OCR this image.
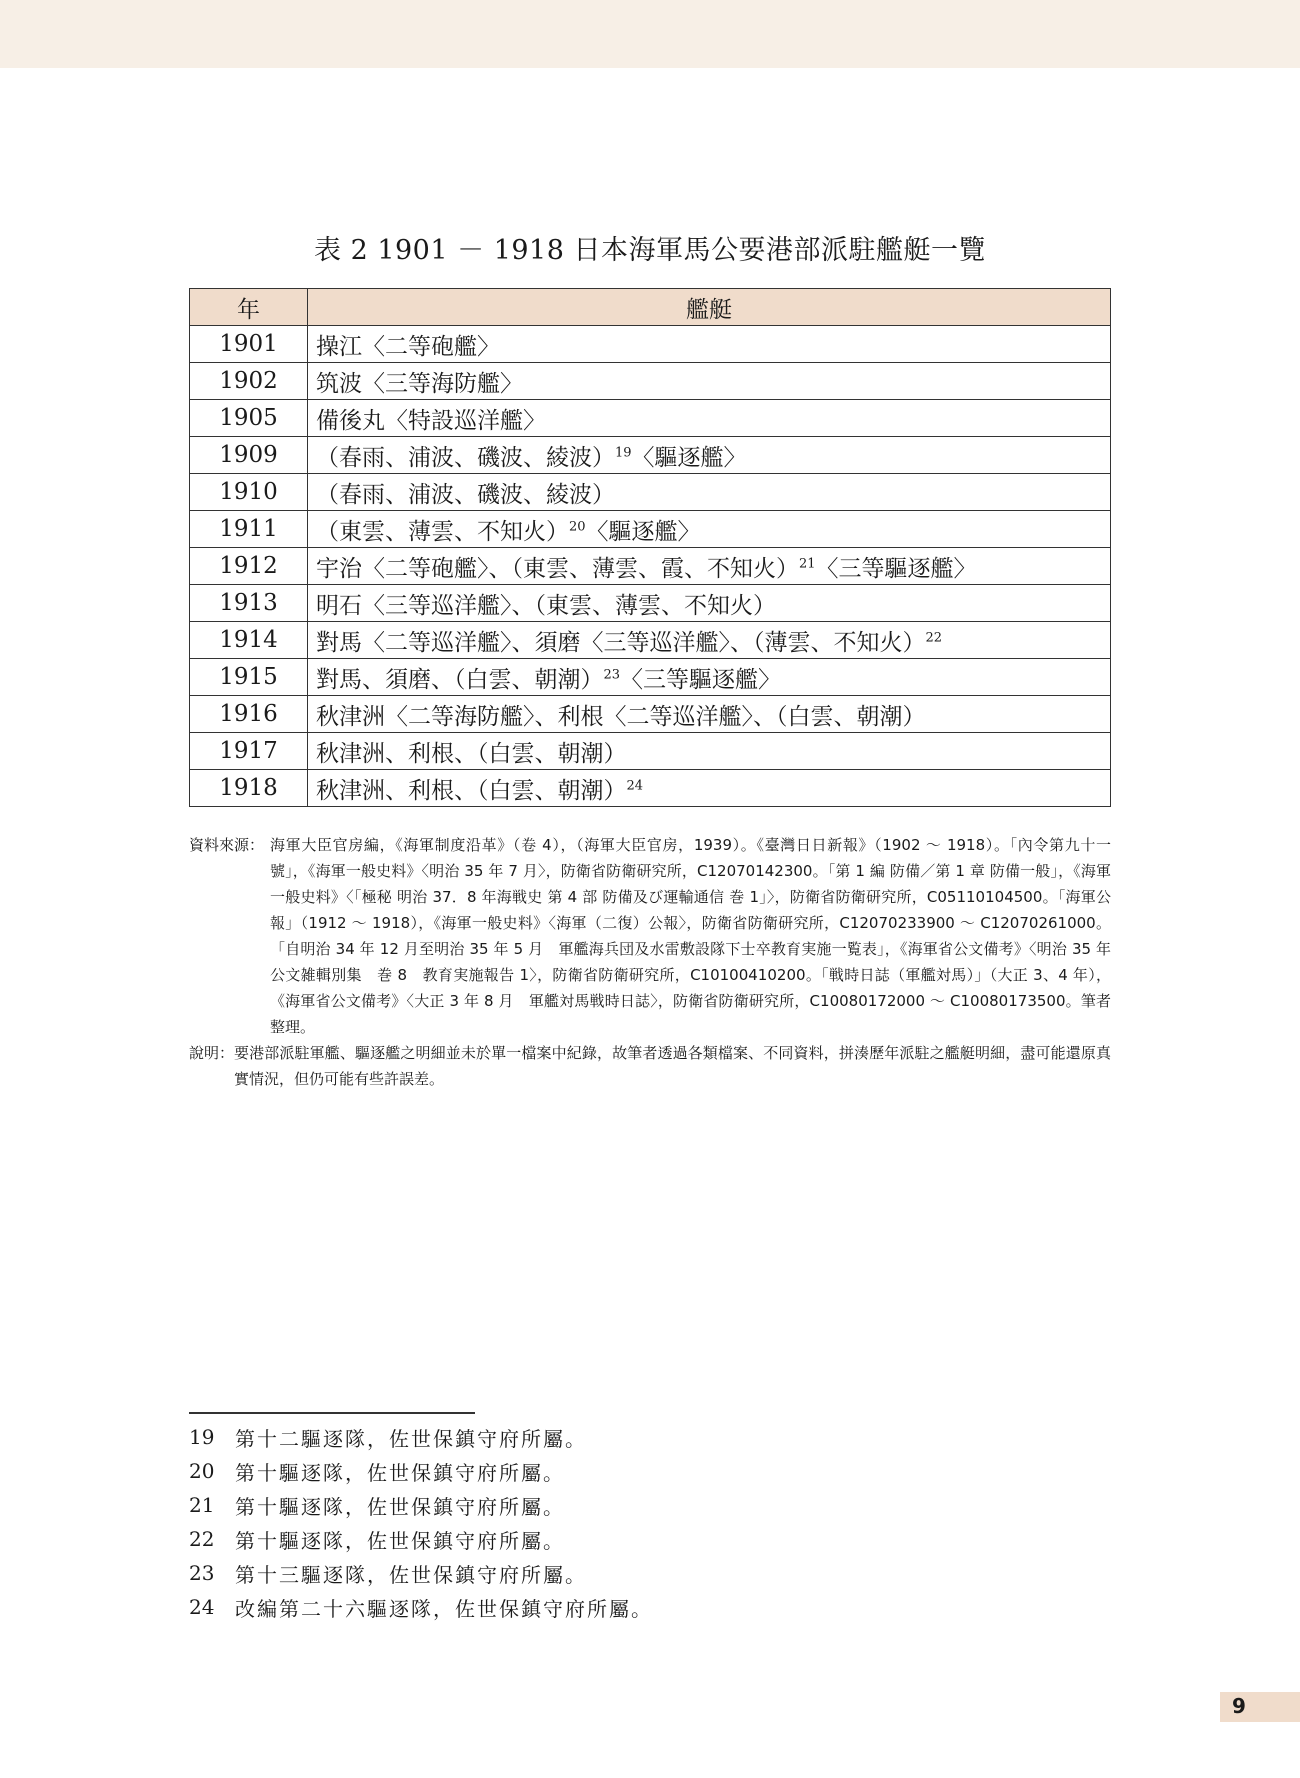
表 2 1901 － 1918 日本海軍馬公要港部派駐艦艇一覽
年	艦艇
1901	操江〈二等砲艦〉
1902	筑波〈三等海防艦〉
1905	備後丸〈特設巡洋艦〉
1909	（春雨、浦波、磯波、綾波）$^{19}$〈驅逐艦〉
1910	（春雨、浦波、磯波、綾波）
1911	（東雲、薄雲、不知火）$^{20}$〈驅逐艦〉
1912	宇治〈二等砲艦〉、（東雲、薄雲、霞、不知火）$^{21}$〈三等驅逐艦〉
1913	明石〈三等巡洋艦〉、（東雲、薄雲、不知火）
1914	對馬〈二等巡洋艦〉、須磨〈三等巡洋艦〉、（薄雲、不知火）$^{22}$
1915	對馬、須磨、（白雲、朝潮）$^{23}$〈三等驅逐艦〉
1916	秋津洲〈二等海防艦〉、利根〈二等巡洋艦〉、（白雲、朝潮）
1917	秋津洲、利根、（白雲、朝潮）
1918	秋津洲、利根、（白雲、朝潮）$^{24}$
資料來源： 海軍大臣官房編，《海軍制度沿革》（卷 4），（海軍大臣官房，1939）。《臺灣日日新報》（1902 ～ 1918）。「內令第九十一號」，《海軍一般史料》〈明治 35 年 7 月〉，防衛省防衛研究所，C12070142300。「第 1 編 防備／第 1 章 防備一般」，《海軍一般史料》〈「極秘 明治 37．8 年海戦史 第 4 部 防備及び運輸通信 巻 1」〉，防衛省防衛研究所，C05110104500。「海軍公報」（1912 ～ 1918），《海軍一般史料》〈海軍（二復）公報〉，防衛省防衛研究所，C12070233900 ～ C12070261000。「自明治 34 年 12 月至明治 35 年 5 月　軍艦海兵団及水雷敷設隊下士卒教育実施一覧表」，《海軍省公文備考》〈明治 35 年　公文雑輯別集　巻 8　教育実施報告 1〉，防衛省防衛研究所，C10100410200。「戦時日誌（軍艦対馬）」（大正 3、4 年），《海軍省公文備考》〈大正 3 年 8 月　軍艦対馬戦時日誌〉，防衛省防衛研究所，C10080172000 ～ C10080173500。筆者整理。
說明： 要港部派駐軍艦、驅逐艦之明細並未於單一檔案中紀錄，故筆者透過各類檔案、不同資料，拼湊歷年派駐之艦艇明細，盡可能還原真實情況，但仍可能有些許誤差。
19	第十二驅逐隊，佐世保鎮守府所屬。
20	第十驅逐隊，佐世保鎮守府所屬。
21	第十驅逐隊，佐世保鎮守府所屬。
22	第十驅逐隊，佐世保鎮守府所屬。
23	第十三驅逐隊，佐世保鎮守府所屬。
24	改編第二十六驅逐隊，佐世保鎮守府所屬。
9
